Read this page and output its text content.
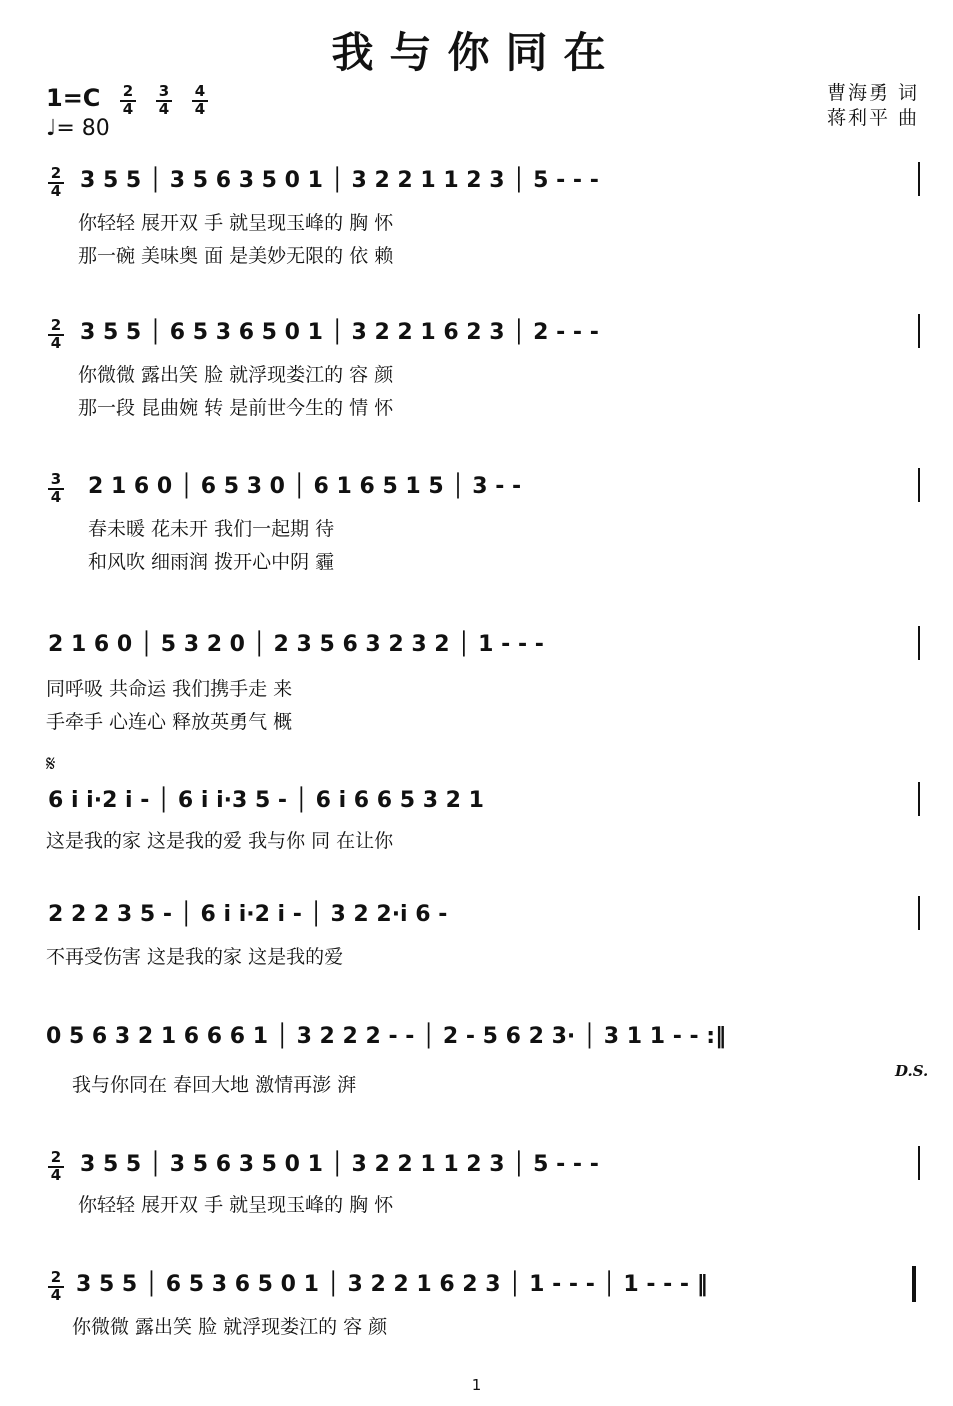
我与你同在
1=C 2
4
3
4
4
4
♩= 80
曹海勇 词
蒋利平 曲
2
4 3 5 5 │ 3 5 6 3 5 0 1 │ 3 2 2 1 1 2 3 │ 5 - - -
你轻轻 展开双 手 就呈现玉峰的 胸 怀
那一碗 美味奥 面 是美妙无限的 依 赖
2
4 3 5 5 │ 6 5 3 6 5 0 1 │ 3 2 2 1 6 2 3 │ 2 - - -
你微微 露出笑 脸 就浮现娄江的 容 颜
那一段 昆曲婉 转 是前世今生的 情 怀
3
4 2 1 6 0 │ 6 5 3 0 │ 6 1 6 5 1 5 │ 3 - -
春未暖 花未开 我们一起期 待
和风吹 细雨润 拨开心中阴 霾
2 1 6 0 │ 5 3 2 0 │ 2 3 5 6 3 2 3 2 │ 1 - - -
同呼吸 共命运 我们携手走 来
手牵手 心连心 释放英勇气 概
𝄋
6 i i·2 i - │ 6 i i·3 5 - │ 6 i 6 6 5 3 2 1
这是我的家 这是我的爱 我与你 同 在让你
2 2 2 3 5 - │ 6 i i·2 i - │ 3 2 2·i 6 -
不再受伤害 这是我的家 这是我的爱
0 5 6 3 2 1 6 6 6 1 │ 3 2 2 2 - - │ 2 - 5 6 2 3· │ 3 1 1 - - :‖
我与你同在 春回大地 激情再澎 湃
D.S.
2
4 3 5 5 │ 3 5 6 3 5 0 1 │ 3 2 2 1 1 2 3 │ 5 - - -
你轻轻 展开双 手 就呈现玉峰的 胸 怀
2
4 3 5 5 │ 6 5 3 6 5 0 1 │ 3 2 2 1 6 2 3 │ 1 - - - │ 1 - - - ‖
你微微 露出笑 脸 就浮现娄江的 容 颜
1
